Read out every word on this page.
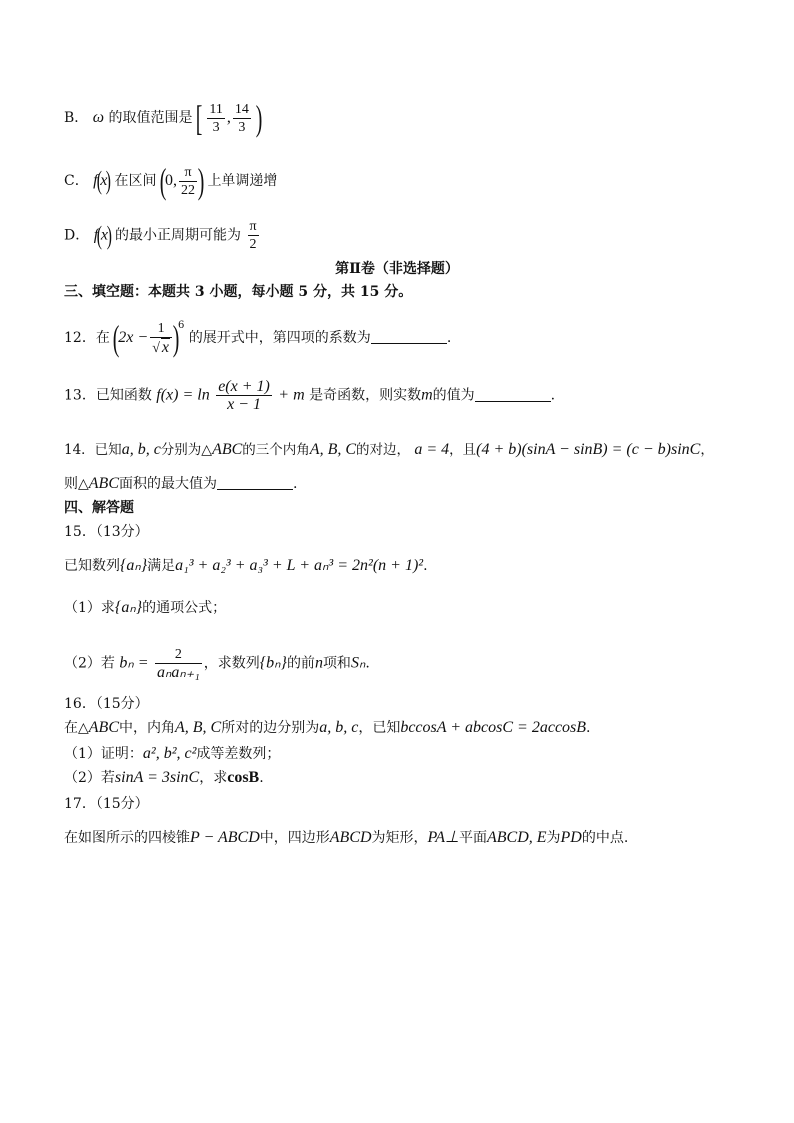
B． ω 的取值范围是 [ $\frac{11}{3}$ , $\frac{14}{3}$ )
C． f(x) 在区间 (0, $\frac{\pi}{22}$ ) 上单调递增
D． f(x) 的最小正周期可能为 $\frac{\pi}{2}$
第Ⅱ卷（非选择题）
三、填空题：本题共 3 小题，每小题 5 分，共 15 分。
12．在 $(2x - \frac{1}{√ x} )^6$ 的展开式中，第四项的系数为	.
13．已知函数 $f(x) = \ln \frac{e(x + 1)}{x - 1} + m$ 是奇函数，则实数m的值为	.
14．已知a, b, c分别为△ABC的三个内角A, B, C的对边， a = 4，且(4 + b)(sinA − sinB) = (c − b)sinC，
则△ABC面积的最大值为	.
四、解答题
15．（13分）
已知数列{aₙ}满足a₁³ + a₂³ + a₃³ + L + aₙ³ = 2n²(n + 1)².
（1）求{aₙ}的通项公式；
（2）若 $b_n = \frac{2}{\text{aₙaₙ₊₁}}$ ，求数列{bₙ}的前n项和Sₙ.
16．（15分）
在△ABC中，内角A, B, C所对的边分别为a, b, c，已知bccosA + abcosC = 2accosB.
（1）证明：a², b², c²成等差数列；
（2）若sinA = 3sinC，求cosB.
17．（15分）
在如图所示的四棱锥P − ABCD中，四边形ABCD为矩形，PA⊥平面ABCD, E为PD的中点.
